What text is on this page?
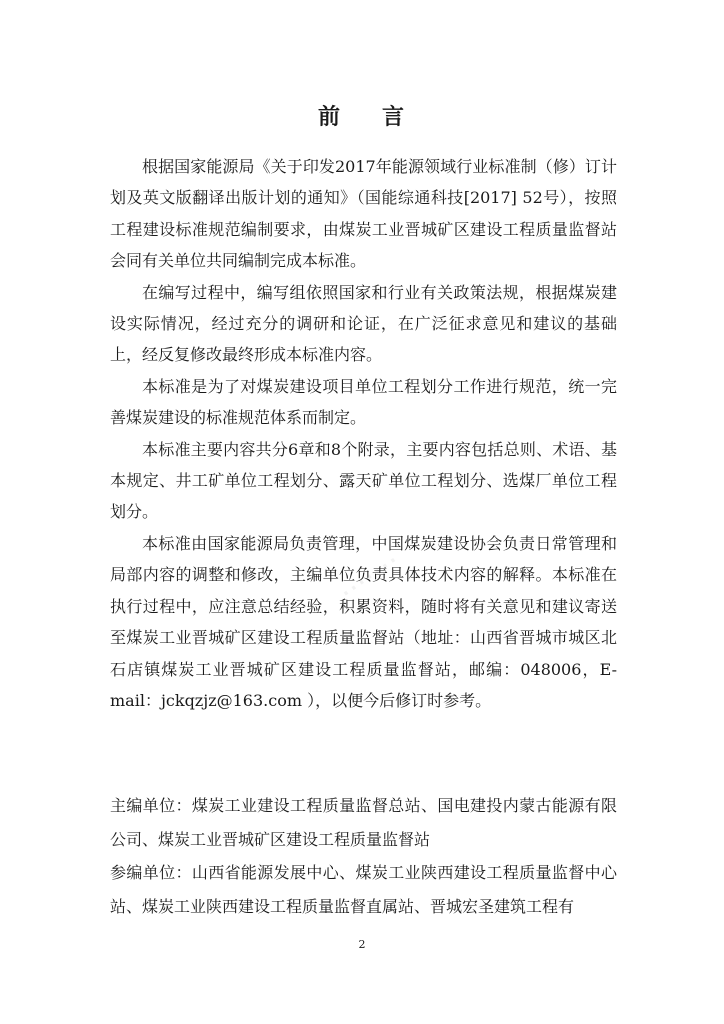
·······
前 言

根据国家能源局《关于印发2017年能源领域行业标准制（修）订计划及英文版翻译出版计划的通知》（国能综通科技[2017] 52号），按照工程建设标准规范编制要求，由煤炭工业晋城矿区建设工程质量监督站会同有关单位共同编制完成本标准。

在编写过程中，编写组依照国家和行业有关政策法规，根据煤炭建设实际情况，经过充分的调研和论证，在广泛征求意见和建议的基础上，经反复修改最终形成本标准内容。

本标准是为了对煤炭建设项目单位工程划分工作进行规范，统一完善煤炭建设的标准规范体系而制定。

本标准主要内容共分6章和8个附录，主要内容包括总则、术语、基本规定、井工矿单位工程划分、露天矿单位工程划分、选煤厂单位工程划分。

本标准由国家能源局负责管理，中国煤炭建设协会负责日常管理和局部内容的调整和修改，主编单位负责具体技术内容的解释。本标准在执行过程中，应注意总结经验，积累资料，随时将有关意见和建议寄送至煤炭工业晋城矿区建设工程质量监督站（地址：山西省晋城市城区北石店镇煤炭工业晋城矿区建设工程质量监督站，邮编：048006，E-mail：jckqzjz@163.com ），以便今后修订时参考。

主编单位：煤炭工业建设工程质量监督总站、国电建投内蒙古能源有限公司、煤炭工业晋城矿区建设工程质量监督站

参编单位：山西省能源发展中心、煤炭工业陕西建设工程质量监督中心站、煤炭工业陕西建设工程质量监督直属站、晋城宏圣建筑工程有

2
